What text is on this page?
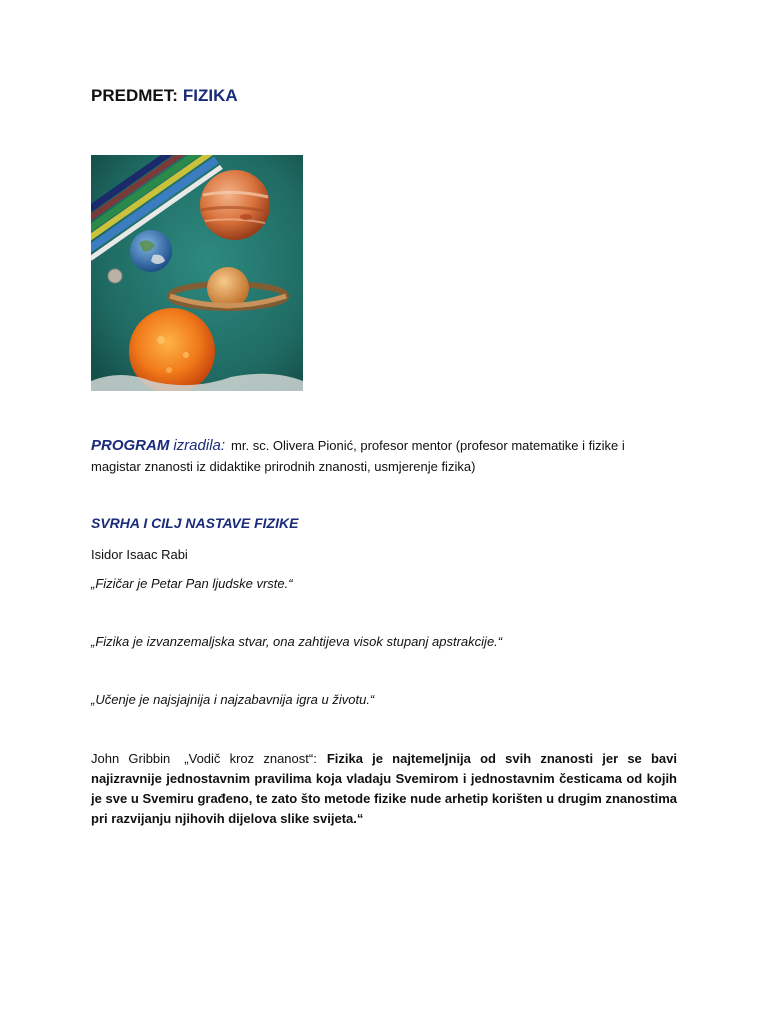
PREDMET: FIZIKA

PROGRAM izradila: mr. sc. Olivera Pionić, profesor mentor (profesor matematike i fizike i magistar znanosti iz didaktike prirodnih znanosti, usmjerenje fizika)

SVRHA I CILJ NASTAVE FIZIKE

Isidor Isaac Rabi

„Fizičar je Petar Pan ljudske vrste.“

„Fizika je izvanzemaljska stvar, ona zahtijeva visok stupanj apstrakcije.“

„Učenje je najsjajnija i najzabavnija igra u životu.“

John Gribbin „Vodič kroz znanost“: Fizika je najtemeljnija od svih znanosti jer se bavi najizravnije jednostavnim pravilima koja vladaju Svemirom i jednostavnim česticama od kojih je sve u Svemiru građeno, te zato što metode fizike nude arhetip korišten u drugim znanostima pri razvijanju njihovih dijelova slike svijeta.“
